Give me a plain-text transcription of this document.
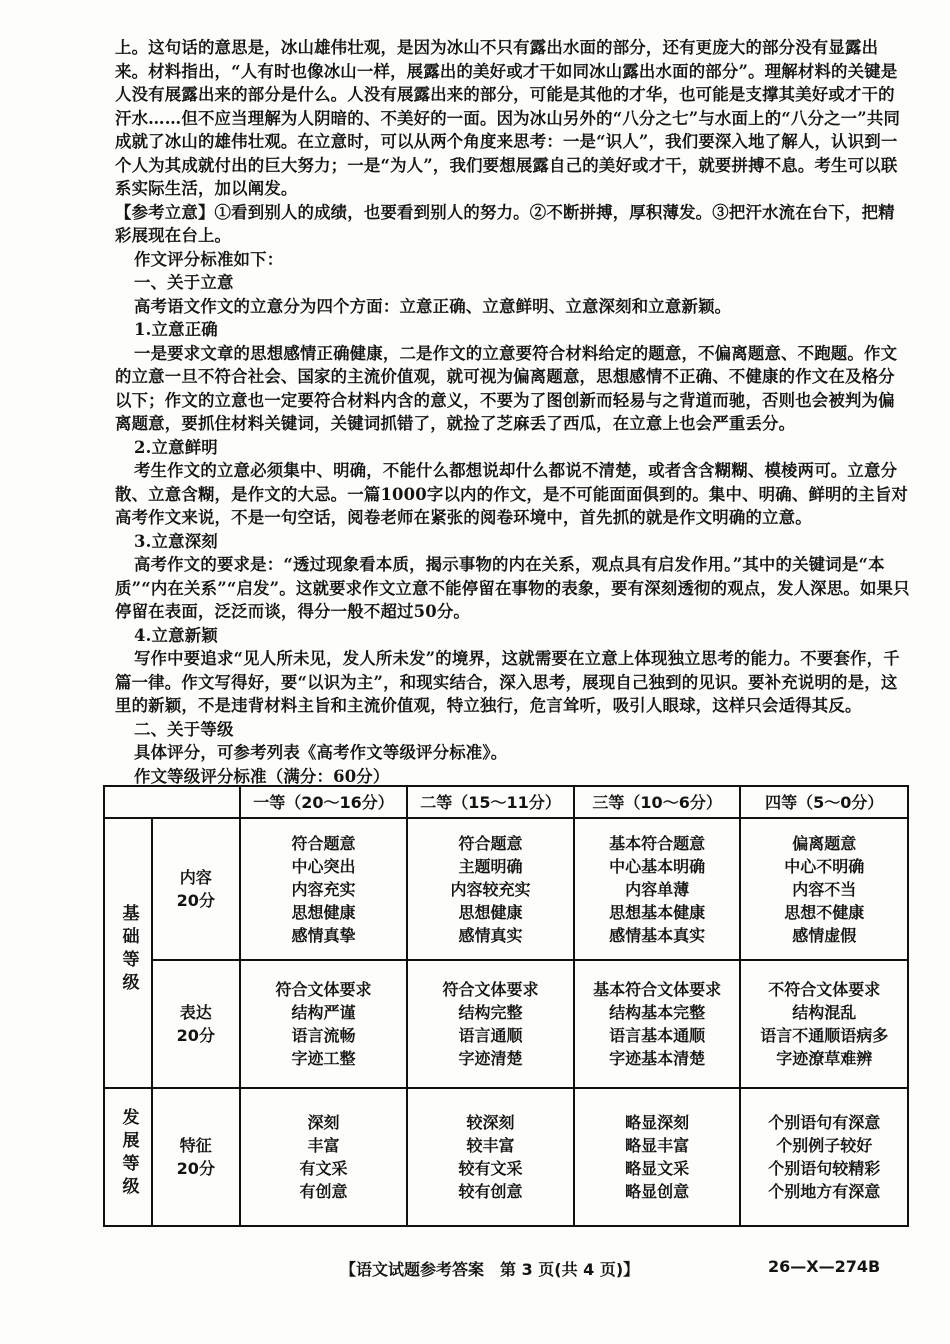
上。这句话的意思是，冰山雄伟壮观，是因为冰山不只有露出水面的部分，还有更庞大的部分没有显露出来。材料指出，“人有时也像冰山一样，展露出的美好或才干如同冰山露出水面的部分”。理解材料的关键是人没有展露出来的部分是什么。人没有展露出来的部分，可能是其他的才华，也可能是支撑其美好或才干的汗水……但不应当理解为人阴暗的、不美好的一面。因为冰山另外的“八分之七”与水面上的“八分之一”共同成就了冰山的雄伟壮观。在立意时，可以从两个角度来思考：一是“识人”，我们要深入地了解人，认识到一个人为其成就付出的巨大努力；一是“为人”，我们要想展露自己的美好或才干，就要拼搏不息。考生可以联系实际生活，加以阐发。

【参考立意】①看到别人的成绩，也要看到别人的努力。②不断拼搏，厚积薄发。③把汗水流在台下，把精彩展现在台上。

作文评分标准如下：

一、关于立意

高考语文作文的立意分为四个方面：立意正确、立意鲜明、立意深刻和立意新颖。

1.立意正确

一是要求文章的思想感情正确健康，二是作文的立意要符合材料给定的题意，不偏离题意、不跑题。作文的立意一旦不符合社会、国家的主流价值观，就可视为偏离题意，思想感情不正确、不健康的作文在及格分以下；作文的立意也一定要符合材料内含的意义，不要为了图创新而轻易与之背道而驰，否则也会被判为偏离题意，要抓住材料关键词，关键词抓错了，就捡了芝麻丢了西瓜，在立意上也会严重丢分。

2.立意鲜明

考生作文的立意必须集中、明确，不能什么都想说却什么都说不清楚，或者含含糊糊、模棱两可。立意分散、立意含糊，是作文的大忌。一篇1000字以内的作文，是不可能面面俱到的。集中、明确、鲜明的主旨对高考作文来说，不是一句空话，阅卷老师在紧张的阅卷环境中，首先抓的就是作文明确的立意。

3.立意深刻

高考作文的要求是：“透过现象看本质，揭示事物的内在关系，观点具有启发作用。”其中的关键词是“本质”“内在关系”“启发”。这就要求作文立意不能停留在事物的表象，要有深刻透彻的观点，发人深思。如果只停留在表面，泛泛而谈，得分一般不超过50分。

4.立意新颖

写作中要追求“见人所未见，发人所未发”的境界，这就需要在立意上体现独立思考的能力。不要套作，千篇一律。作文写得好，要“以识为主”，和现实结合，深入思考，展现自己独到的见识。要补充说明的是，这里的新颖，不是违背材料主旨和主流价值观，特立独行，危言耸听，吸引人眼球，这样只会适得其反。

二、关于等级

具体评分，可参考列表《高考作文等级评分标准》。

作文等级评分标准（满分：60分）

		一等（20～16分）	二等（15～11分）	三等（10～6分）	四等（5～0分）
基础等级	内容
20分	符合题意
中心突出
内容充实
思想健康
感情真挚	符合题意
主题明确
内容较充实
思想健康
感情真实	基本符合题意
中心基本明确
内容单薄
思想基本健康
感情基本真实	偏离题意
中心不明确
内容不当
思想不健康
感情虚假

	表达
20分	符合文体要求
结构严谨
语言流畅
字迹工整	符合文体要求
结构完整
语言通顺
字迹清楚	基本符合文体要求
结构基本完整
语言基本通顺
字迹基本清楚	不符合文体要求
结构混乱
语言不通顺语病多
字迹潦草难辨

发展等级	特征
20分	深刻
丰富
有文采
有创意	较深刻
较丰富
较有文采
较有创意	略显深刻
略显丰富
略显文采
略显创意	个别语句有深意
个别例子较好
个别语句较精彩
个别地方有深意
【语文试题参考答案　第 3 页(共 4 页)】	26—X—274B
